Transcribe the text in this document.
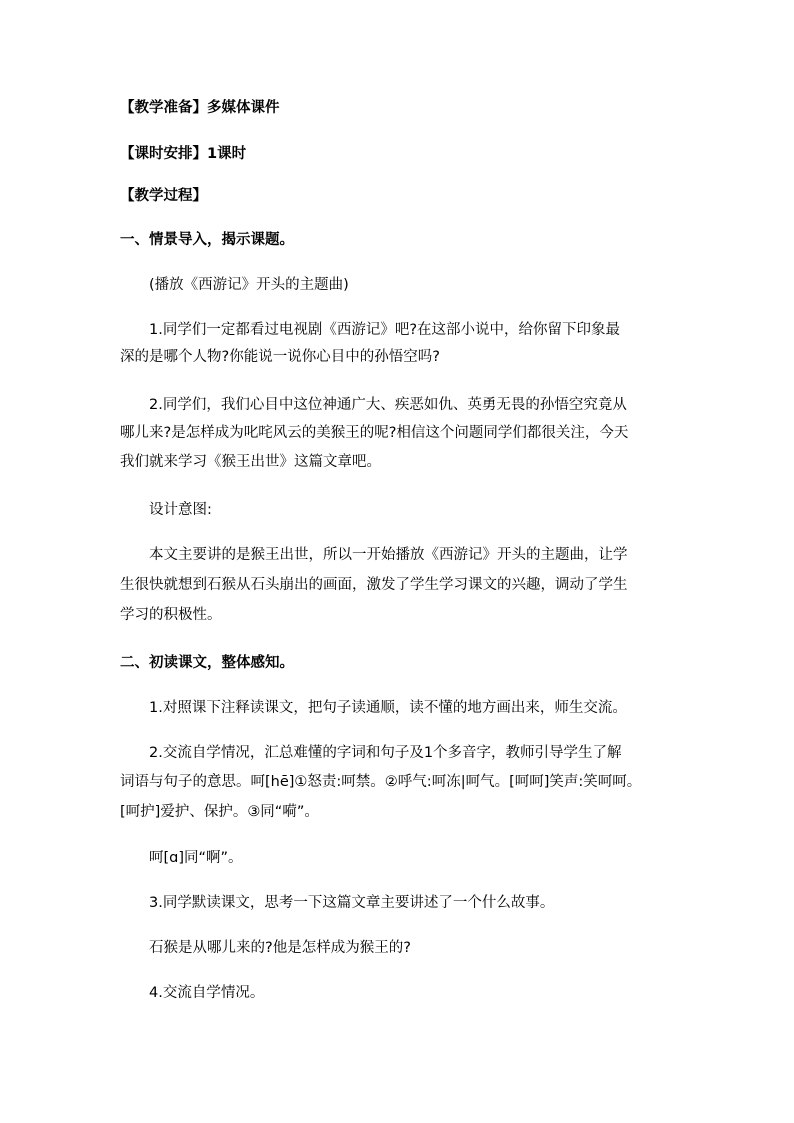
【教学准备】多媒体课件
【课时安排】1课时
【教学过程】
一、情景导入，揭示课题。
(播放《西游记》开头的主题曲)
1.同学们一定都看过电视剧《西游记》吧?在这部小说中，给你留下印象最
深的是哪个人物?你能说一说你心目中的孙悟空吗?
2.同学们，我们心目中这位神通广大、疾恶如仇、英勇无畏的孙悟空究竟从
哪儿来?是怎样成为叱咤风云的美猴王的呢?相信这个问题同学们都很关注，今天
我们就来学习《猴王出世》这篇文章吧。
设计意图:
本文主要讲的是猴王出世，所以一开始播放《西游记》开头的主题曲，让学
生很快就想到石猴从石头崩出的画面，激发了学生学习课文的兴趣，调动了学生
学习的积极性。
二、初读课文，整体感知。
1.对照课下注释读课文，把句子读通顺，读不懂的地方画出来，师生交流。
2.交流自学情况，汇总难懂的字词和句子及1个多音字，教师引导学生了解
词语与句子的意思。呵[hē]①怒责:呵禁。②呼气:呵冻|呵气。[呵呵]笑声:笑呵呵。
[呵护]爱护、保护。③同“嗬”。
呵[ɑ]同“啊”。
3.同学默读课文，思考一下这篇文章主要讲述了一个什么故事。
石猴是从哪儿来的?他是怎样成为猴王的?
4.交流自学情况。
